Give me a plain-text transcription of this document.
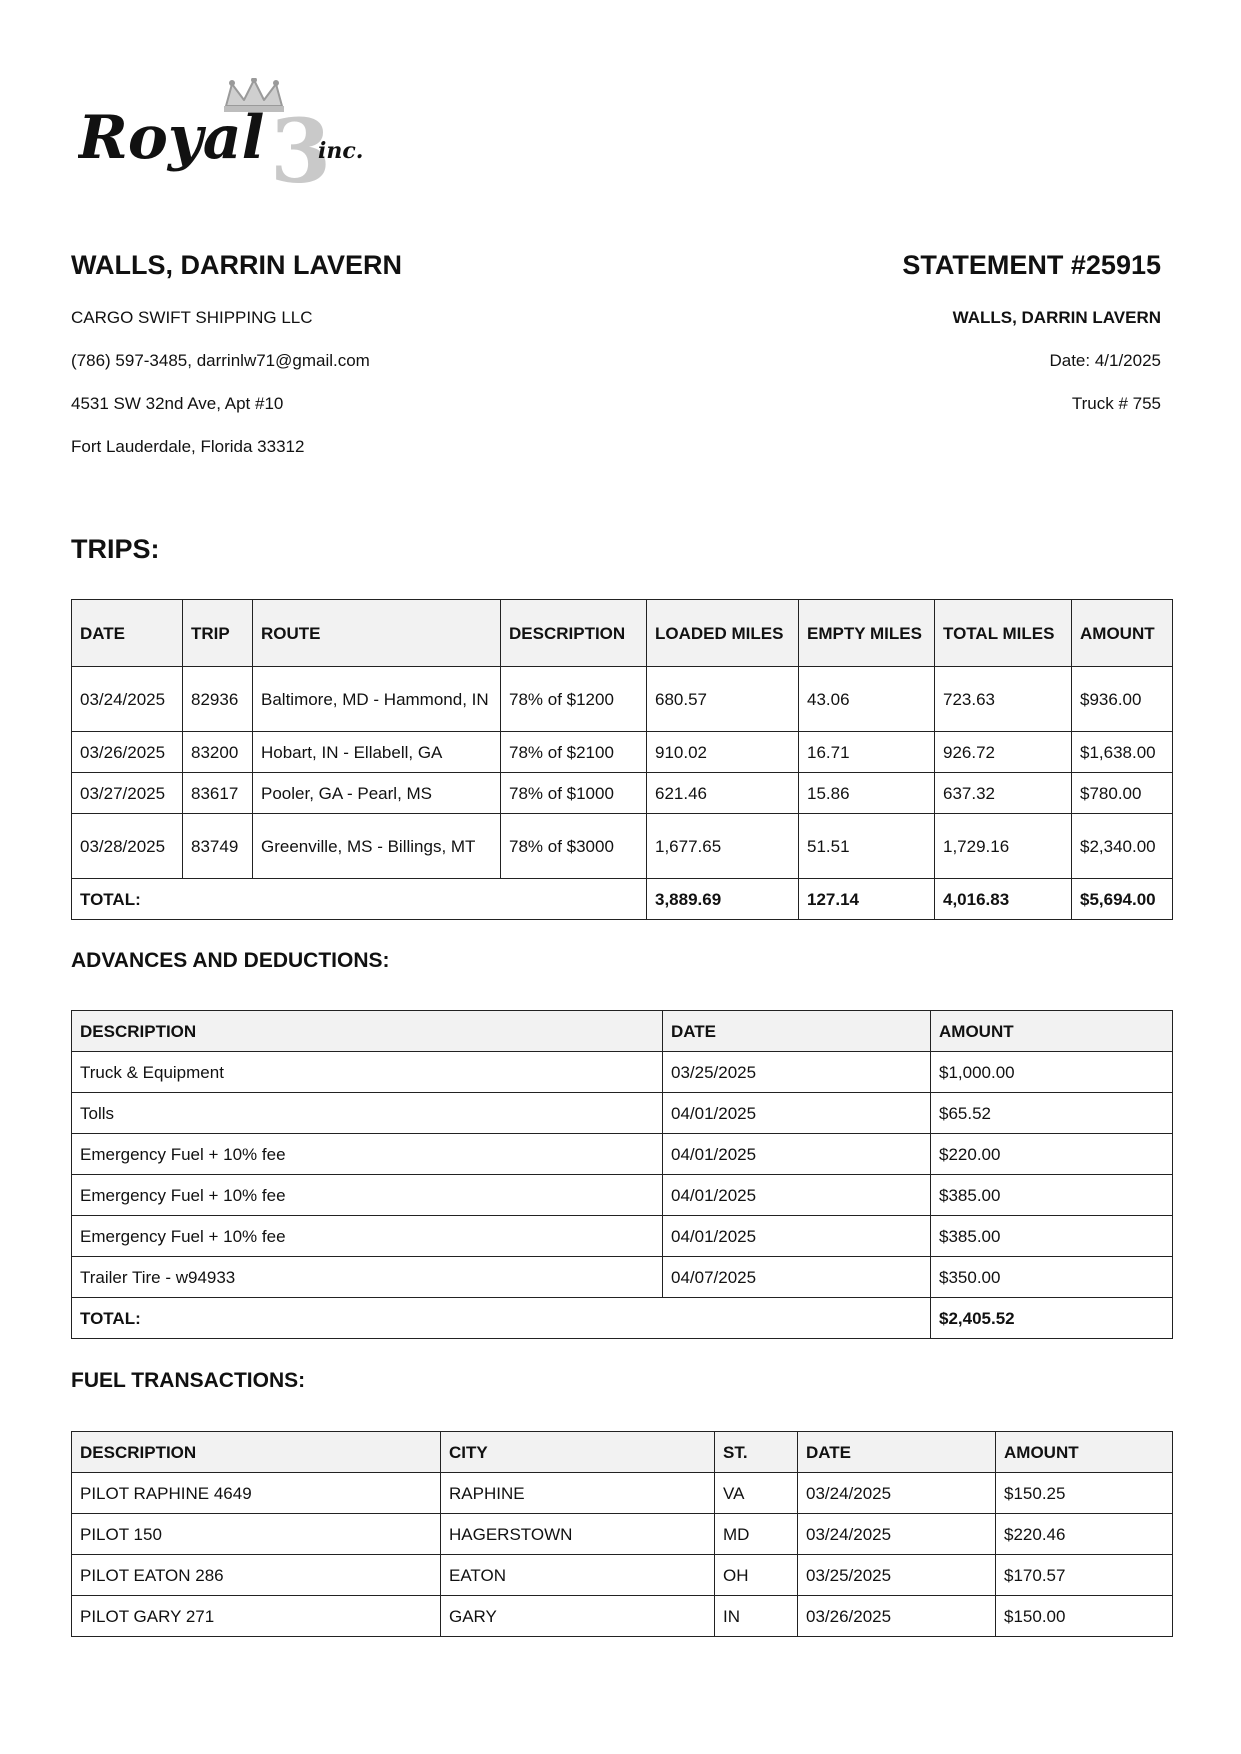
3
Royal inc.
WALLS, DARRIN LAVERN
CARGO SWIFT SHIPPING LLC
(786) 597-3485, darrinlw71@gmail.com
4531 SW 32nd Ave, Apt #10
Fort Lauderdale, Florida 33312
STATEMENT #25915
WALLS, DARRIN LAVERN
Date: 4/1/2025
Truck # 755
TRIPS:
DATE	TRIP	ROUTE	DESCRIPTION	LOADED MILES	EMPTY MILES	TOTAL MILES	AMOUNT
03/24/2025	82936	Baltimore, MD - Hammond, IN	78% of $1200	680.57	43.06	723.63	$936.00
03/26/2025	83200	Hobart, IN - Ellabell, GA	78% of $2100	910.02	16.71	926.72	$1,638.00
03/27/2025	83617	Pooler, GA - Pearl, MS	78% of $1000	621.46	15.86	637.32	$780.00
03/28/2025	83749	Greenville, MS - Billings, MT	78% of $3000	1,677.65	51.51	1,729.16	$2,340.00
TOTAL:				3,889.69	127.14	4,016.83	$5,694.00
ADVANCES AND DEDUCTIONS:
DESCRIPTION	DATE	AMOUNT
Truck & Equipment	03/25/2025	$1,000.00
Tolls	04/01/2025	$65.52
Emergency Fuel + 10% fee	04/01/2025	$220.00
Emergency Fuel + 10% fee	04/01/2025	$385.00
Emergency Fuel + 10% fee	04/01/2025	$385.00
Trailer Tire - w94933	04/07/2025	$350.00
TOTAL:		$2,405.52
FUEL TRANSACTIONS:
DESCRIPTION	CITY	ST.	DATE	AMOUNT
PILOT RAPHINE 4649	RAPHINE	VA	03/24/2025	$150.25
PILOT 150	HAGERSTOWN	MD	03/24/2025	$220.46
PILOT EATON 286	EATON	OH	03/25/2025	$170.57
PILOT GARY 271	GARY	IN	03/26/2025	$150.00
